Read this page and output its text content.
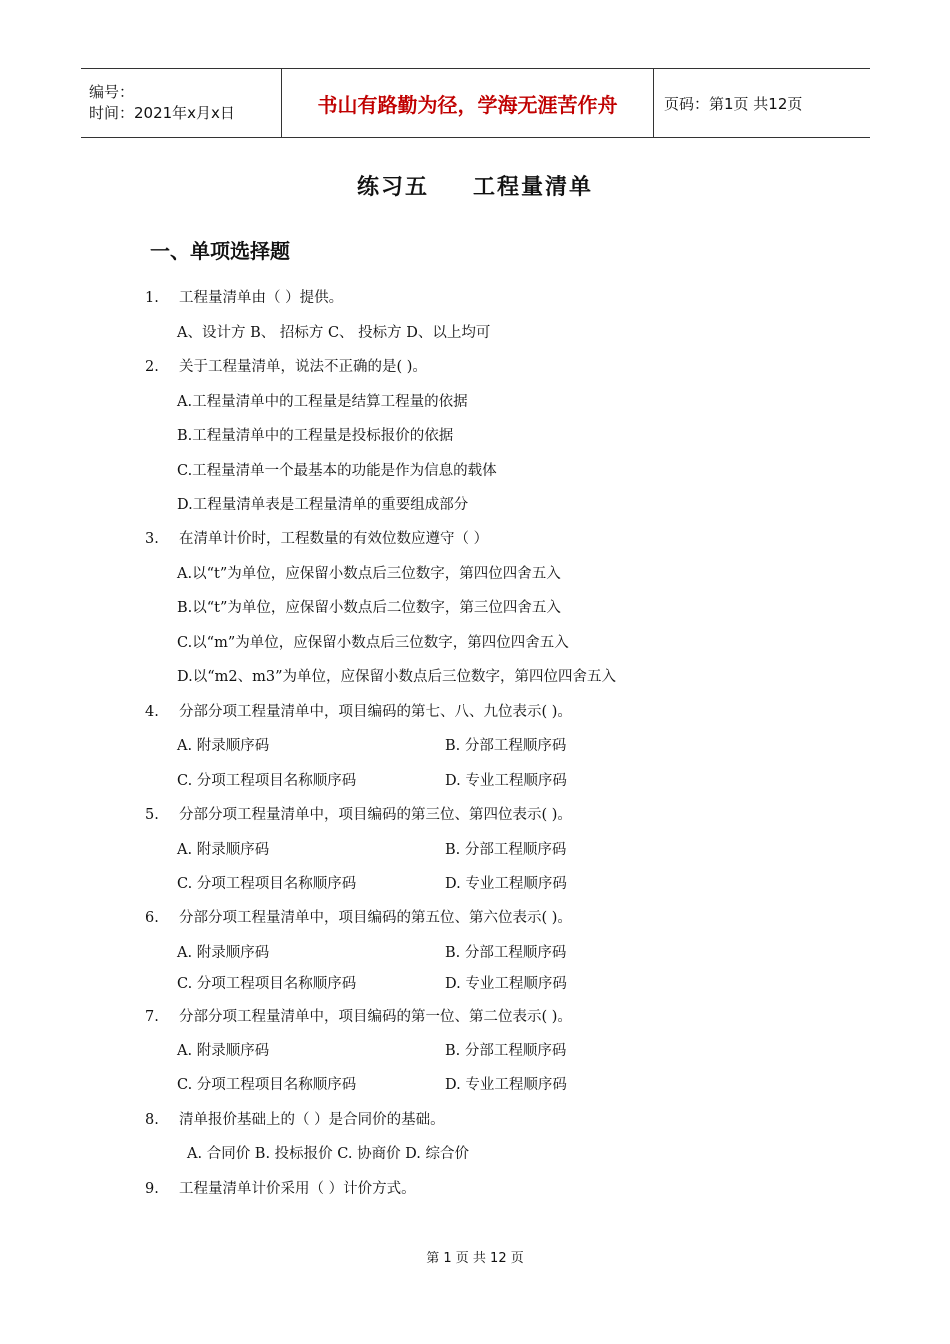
编号：
时间：2021年x月x日	书山有路勤为径，学海无涯苦作舟	页码：第1页 共12页
练习五 工程量清单
一、单项选择题
1. 工程量清单由（ ）提供。
A、设计方 B、 招标方 C、 投标方 D、以上均可
2. 关于工程量清单，说法不正确的是( )。
A.工程量清单中的工程量是结算工程量的依据
B.工程量清单中的工程量是投标报价的依据
C.工程量清单一个最基本的功能是作为信息的载体
D.工程量清单表是工程量清单的重要组成部分
3. 在清单计价时，工程数量的有效位数应遵守（ ）
A.以“t”为单位，应保留小数点后三位数字，第四位四舍五入
B.以“t”为单位，应保留小数点后二位数字，第三位四舍五入
C.以“m”为单位，应保留小数点后三位数字，第四位四舍五入
D.以“m2、m3”为单位，应保留小数点后三位数字，第四位四舍五入
4. 分部分项工程量清单中，项目编码的第七、八、九位表示( )。
A. 附录顺序码	B. 分部工程顺序码
C. 分项工程项目名称顺序码	D. 专业工程顺序码
5. 分部分项工程量清单中，项目编码的第三位、第四位表示( )。
A. 附录顺序码	B. 分部工程顺序码
C. 分项工程项目名称顺序码	D. 专业工程顺序码
6. 分部分项工程量清单中，项目编码的第五位、第六位表示( )。
A. 附录顺序码	B. 分部工程顺序码
C. 分项工程项目名称顺序码	D. 专业工程顺序码
7. 分部分项工程量清单中，项目编码的第一位、第二位表示( )。
A. 附录顺序码	B. 分部工程顺序码
C. 分项工程项目名称顺序码	D. 专业工程顺序码
8. 清单报价基础上的（ ）是合同价的基础。
A. 合同价 B. 投标报价 C. 协商价 D. 综合价
9. 工程量清单计价采用（ ）计价方式。
第 1 页 共 12 页
